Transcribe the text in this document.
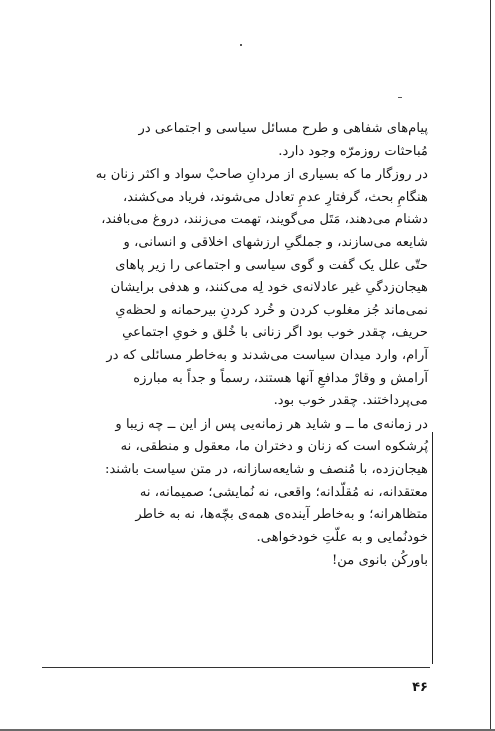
پیام‌های شفاهی و طرح مسائل سیاسی و اجتماعی در
مُباحثات روزمرّه وجود دارد.

در روزگار ما که بسیاری از مردانِ صاحبْ سواد و اکثر زنان به
هنگامِ بحث، گرفتارِ عدمِ تعادل می‌شوند، فریاد می‌کشند،
دشنام می‌دهند، مَتَل می‌گویند، تهمت می‌زنند، دروغ می‌بافند،
شایعه می‌سازند، و جملگیِ ارزشهای اخلاقی و انسانی، و
حتّی علل یک گفت و گوی سیاسی و اجتماعی را زیر پاهای
هیجان‌زدگیِ غیر عادلانه‌ی خود لِه می‌کنند، و هدفی برایشان
نمی‌ماند جُز مغلوب کردن و خُرد کردنِ بیرحمانه و لحظه‌یِ
حریف، چقدر خوب بود اگر زنانی با خُلق و خویِ اجتماعیِ
آرام، وارد میدان سیاست می‌شدند و به‌خاطر مسائلی که در
آرامش و وقارْ مدافعِ آنها هستند، رسماً و جداً به مبارزه
می‌پرداختند. چقدر خوب بود.

در زمانه‌ی ما ــ و شاید هر زمانه‌یی پس از این ــ چه زیبا و
پُرشکوه است که زنان و دختران ما، معقول و منطقی، نه
هیجان‌زده، با مُنصف و شایعه‌سازانه، در متن سیاست باشند:
معتقدانه، نه مُقلّدانه؛ واقعی، نه نُمایشی؛ صمیمانه، نه
متظاهرانه؛ و به‌خاطر آینده‌ی همه‌ی بچّه‌ها، نه به خاطر
خودنُمایی و به علّتِ خودخواهی.

باورکُن بانوی من!

۴۶
